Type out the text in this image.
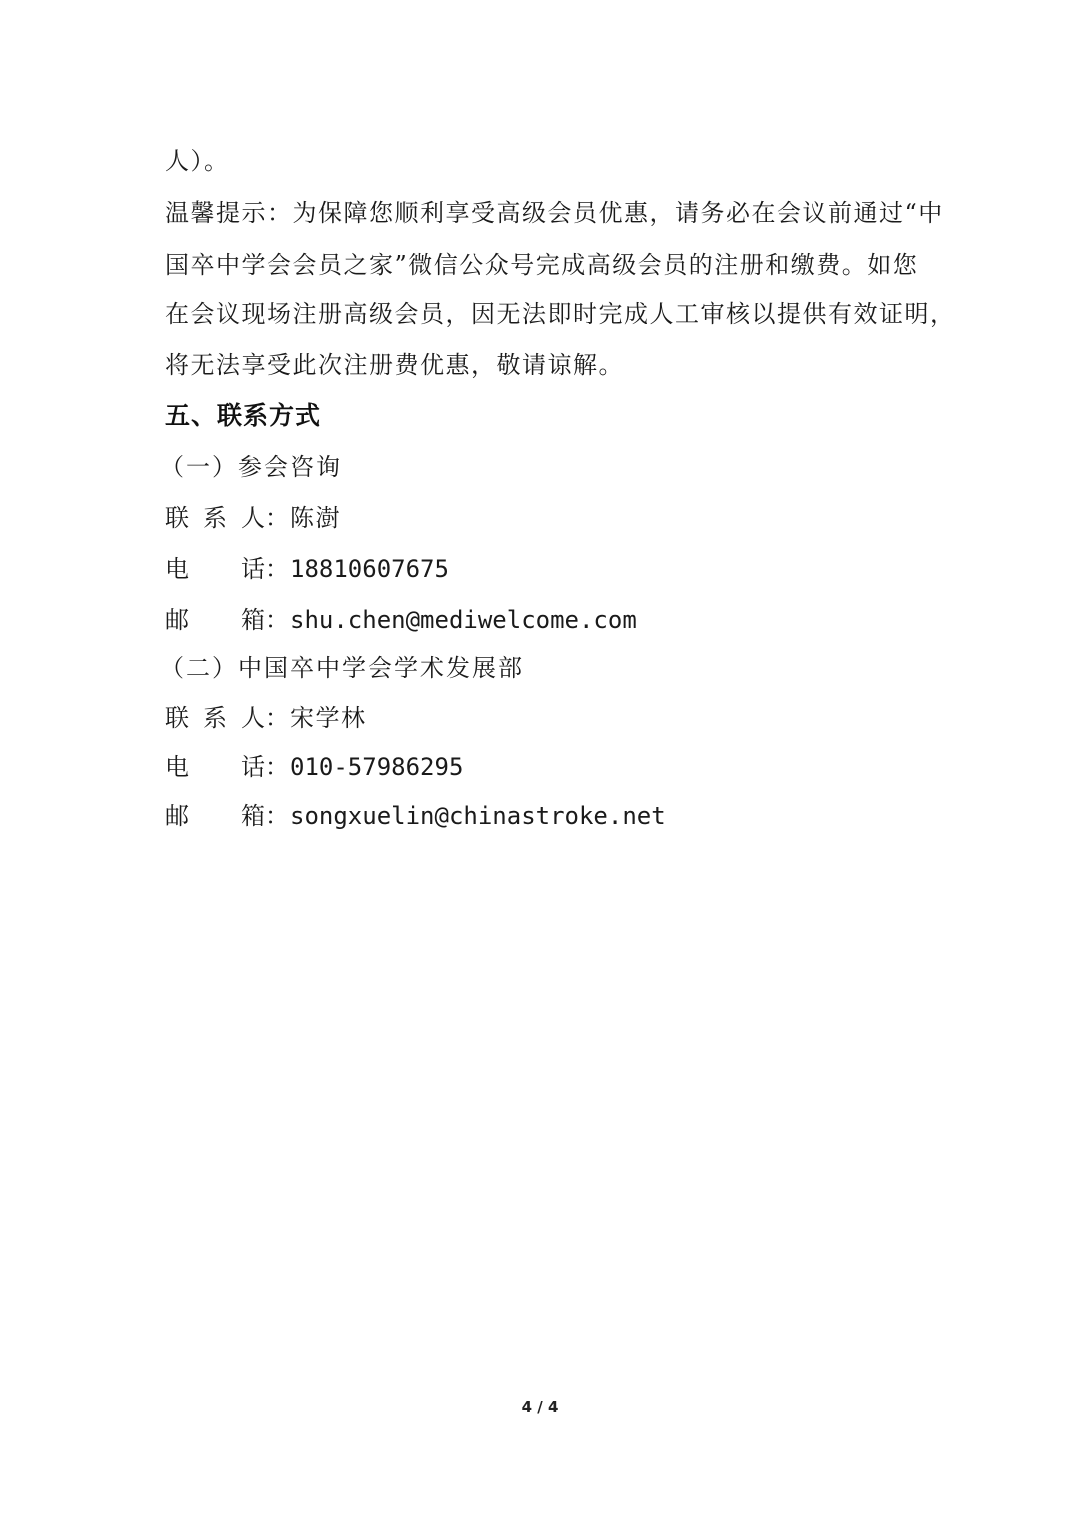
人）。
温馨提示：为保障您顺利享受高级会员优惠，请务必在会议前通过“中
国卒中学会会员之家”微信公众号完成高级会员的注册和缴费。如您
在会议现场注册高级会员，因无法即时完成人工审核以提供有效证明，
将无法享受此次注册费优惠，敬请谅解。
五、联系方式
（一）参会咨询
联 系 人：陈澍
电 话：18810607675
邮 箱：shu.chen@mediwelcome.com
（二）中国卒中学会学术发展部
联 系 人：宋学林
电 话：010-57986295
邮 箱：songxuelin@chinastroke.net
4 / 4
